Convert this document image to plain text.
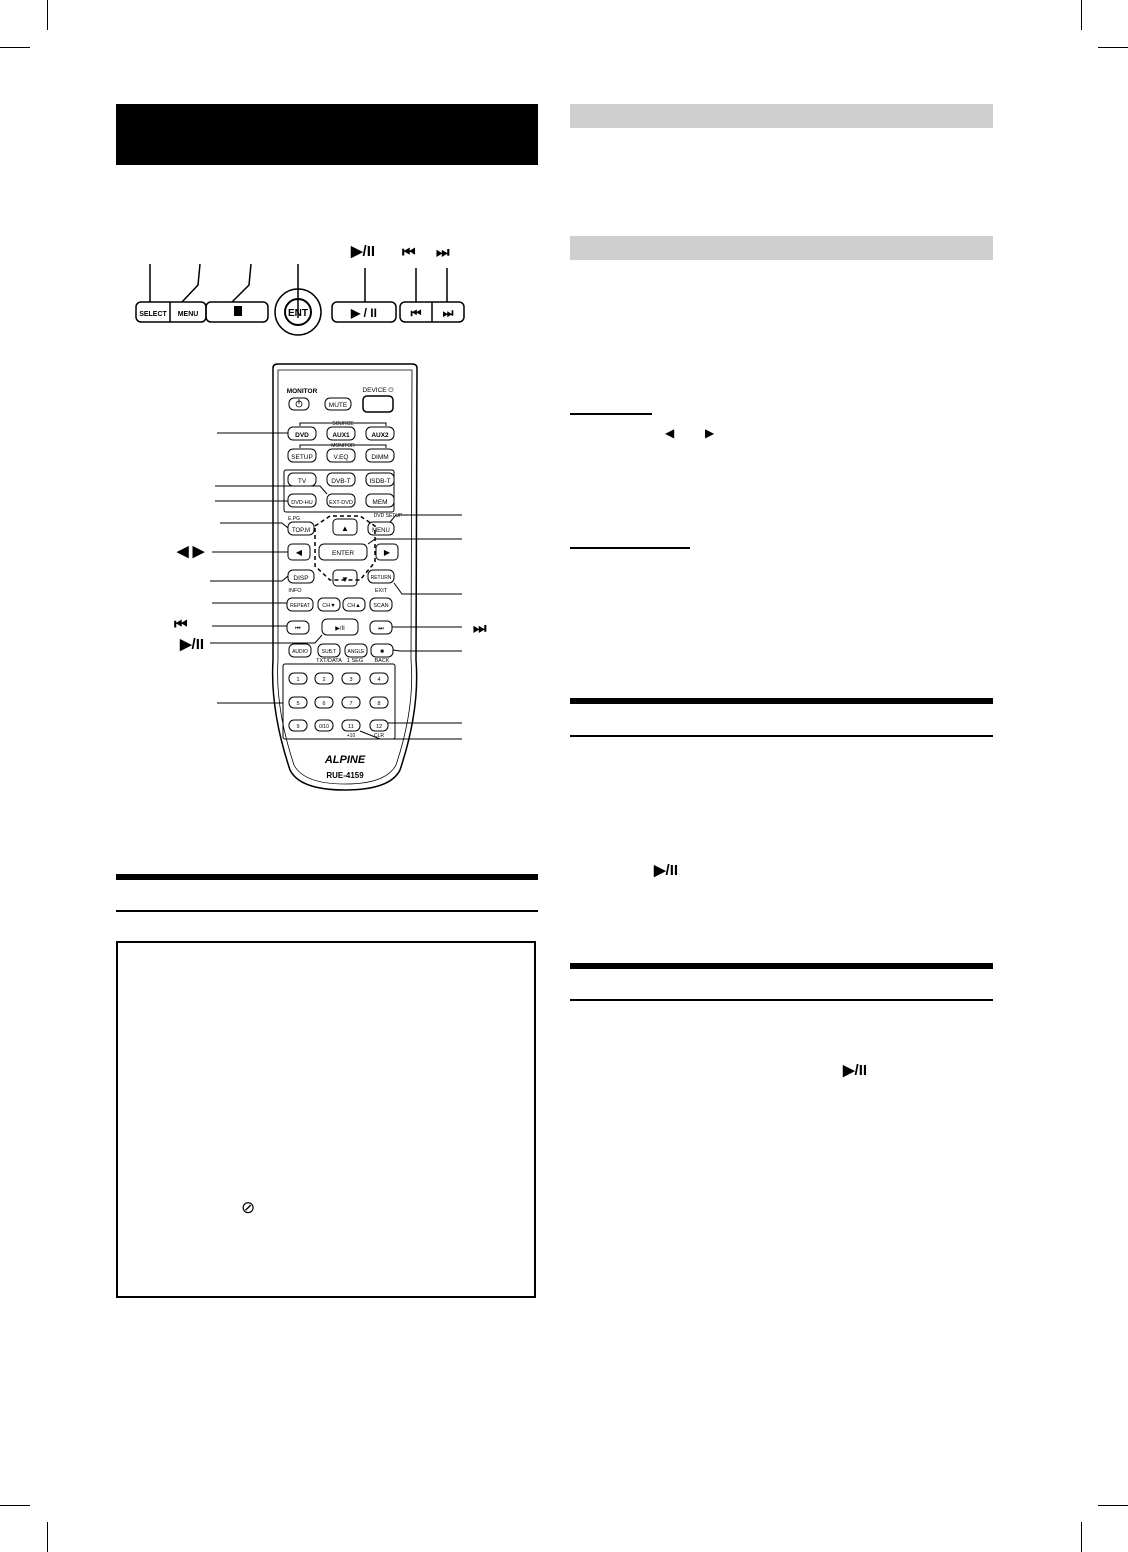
SELECT MENU	ENT	▶ / II	⏮ ⏭
▶/II ⏮ ⏭
MONITOR	DEVICE ⏻
MUTE
SOURCE
DVD	AUX1	AUX2
MONITOR
SETUP	V.EQ	DIMM
TV	DVB-T	ISDB-T
DVD-HU	EXT-DVD	MEM
E.PG
TOP.M
DVD SETUP
MENU
▲
◀	ENTER	▶
▼
DISP
INFO
RETURN
EXIT
REPEAT CH▼ CH▲ SCAN
⏮	▶/II	⏭
AUDIO	SUB.T ANGLE	■
TXT/DATA 1 SEG BACK
1	2	3	4
5	6	7	8
9	0/10	11	12
+10	CLR
ALPINE
RUE-4159
◀ ▶
⏮
▶/II
⏭
⊘
◀	▶
▶/II
▶/II
